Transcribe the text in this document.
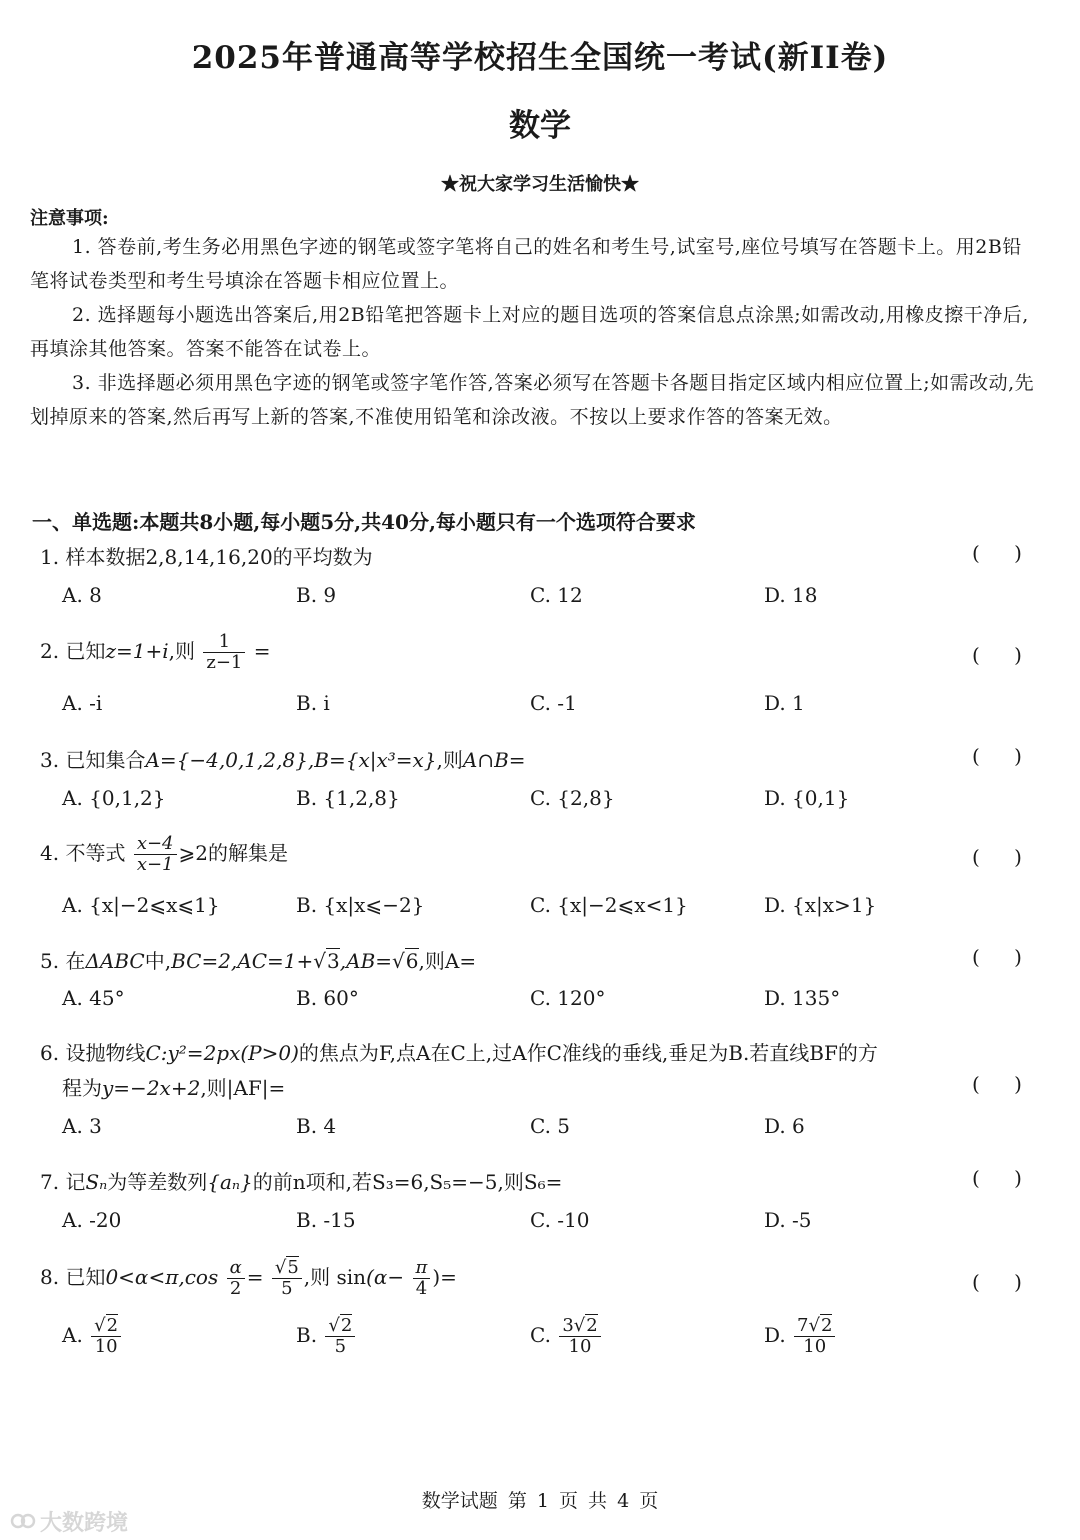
2025年普通高等学校招生全国统一考试(新II卷)
数学
★祝大家学习生活愉快★
注意事项:
1. 答卷前,考生务必用黑色字迹的钢笔或签字笔将自己的姓名和考生号,试室号,座位号填写在答题卡上。用2B铅笔将试卷类型和考生号填涂在答题卡相应位置上。
2. 选择题每小题选出答案后,用2B铅笔把答题卡上对应的题目选项的答案信息点涂黑;如需改动,用橡皮擦干净后,再填涂其他答案。答案不能答在试卷上。
3. 非选择题必须用黑色字迹的钢笔或签字笔作答,答案必须写在答题卡各题目指定区域内相应位置上;如需改动,先划掉原来的答案,然后再写上新的答案,不准使用铅笔和涂改液。不按以上要求作答的答案无效。
一、单选题:本题共8小题,每小题5分,共40分,每小题只有一个选项符合要求
1. 样本数据2,8,14,16,20的平均数为	( )
A. 8	B. 9	C. 12	D. 18
2. 已知z=1+i,则 $\frac{1}{z-1}$ =	( )
A. -i	B. i	C. -1	D. 1
3. 已知集合A={−4,0,1,2,8},B={x|x³=x},则A∩B=	( )
A. {0,1,2}	B. {1,2,8}	C. {2,8}	D. {0,1}
4. 不等式 $\frac{x-4}{x-1}$ ⩾2的解集是	( )
A. {x|−2⩽x⩽1}	B. {x|x⩽−2}	C. {x|−2⩽x<1}	D. {x|x>1}
5. 在ΔABC中,BC=2,AC=1+√3,AB=√6,则A=	( )
A. 45°	B. 60°	C. 120°	D. 135°
6. 设抛物线C:y²=2px(P>0)的焦点为F,点A在C上,过A作C准线的垂线,垂足为B.若直线BF的方
程为y=−2x+2,则|AF|=	( )
A. 3	B. 4	C. 5	D. 6
7. 记Sₙ为等差数列{aₙ}的前n项和,若S₃=6,S₅=−5,则S₆=	( )
A. -20	B. -15	C. -10	D. -5
8. 已知$0<\alpha<\pi,\cos \frac{\alpha}{2} = \frac{√5}{5}$ ,则 $\sin(\alpha- \frac{\pi}{4}$ )=	( )
A. $\frac{√2}{10}$	B. $\frac{√2}{5}$	C. $\frac{3√2}{10}$	D. $\frac{7√2}{10}$
数学试题 第 1 页 共 4 页
大数跨境
